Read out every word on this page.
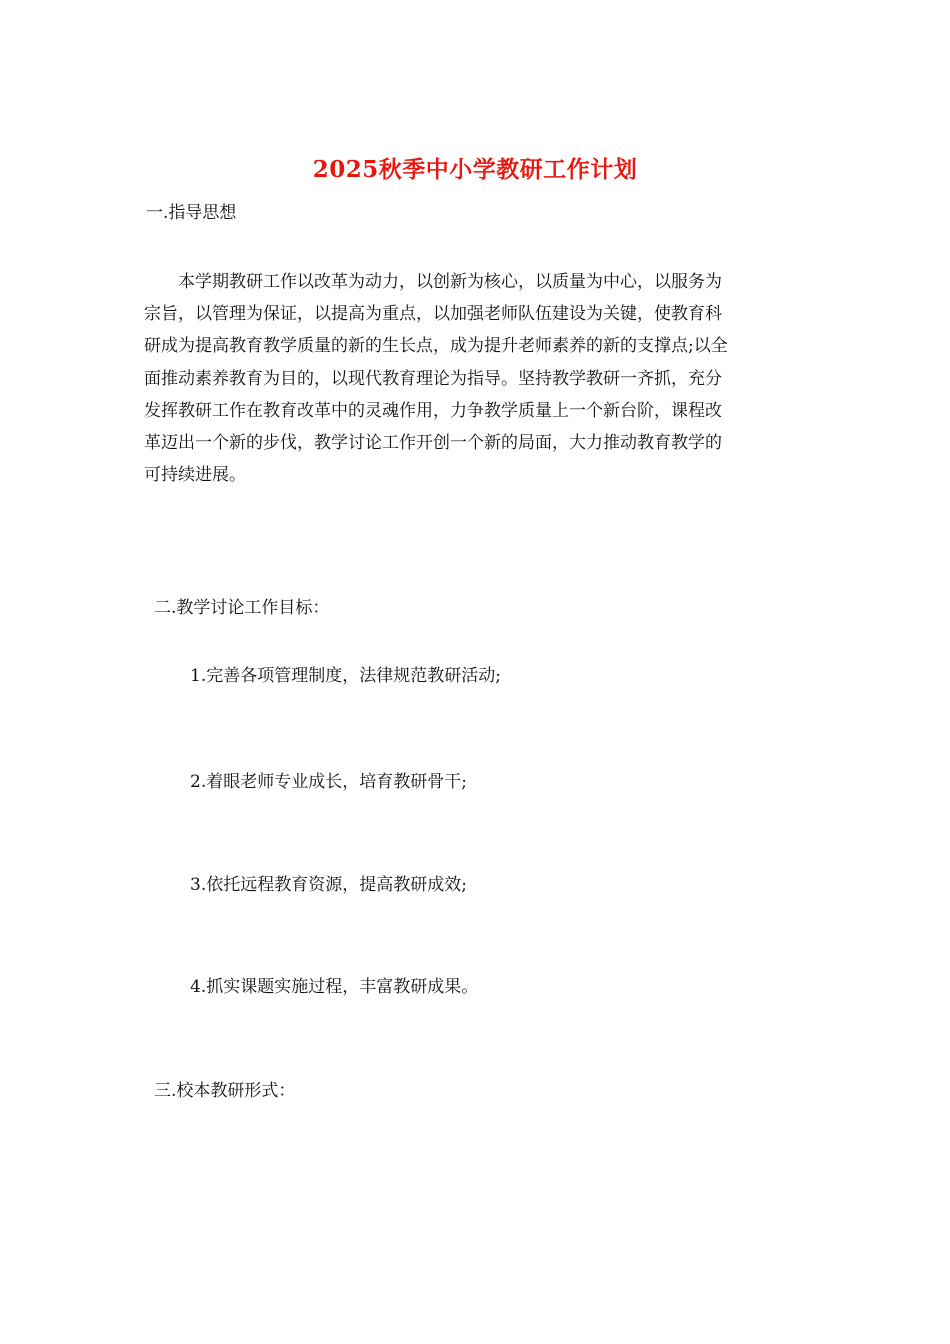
2025秋季中小学教研工作计划
一.指导思想
　　本学期教研工作以改革为动力，以创新为核心，以质量为中心，以服务为
宗旨，以管理为保证，以提高为重点，以加强老师队伍建设为关键，使教育科
研成为提高教育教学质量的新的生长点，成为提升老师素养的新的支撑点;以全
面推动素养教育为目的，以现代教育理论为指导。坚持教学教研一齐抓，充分
发挥教研工作在教育改革中的灵魂作用，力争教学质量上一个新台阶，课程改
革迈出一个新的步伐，教学讨论工作开创一个新的局面，大力推动教育教学的
可持续进展。
二.教学讨论工作目标：
1.完善各项管理制度，法律规范教研活动;
2.着眼老师专业成长，培育教研骨干;
3.依托远程教育资源，提高教研成效;
4.抓实课题实施过程，丰富教研成果。
三.校本教研形式：
